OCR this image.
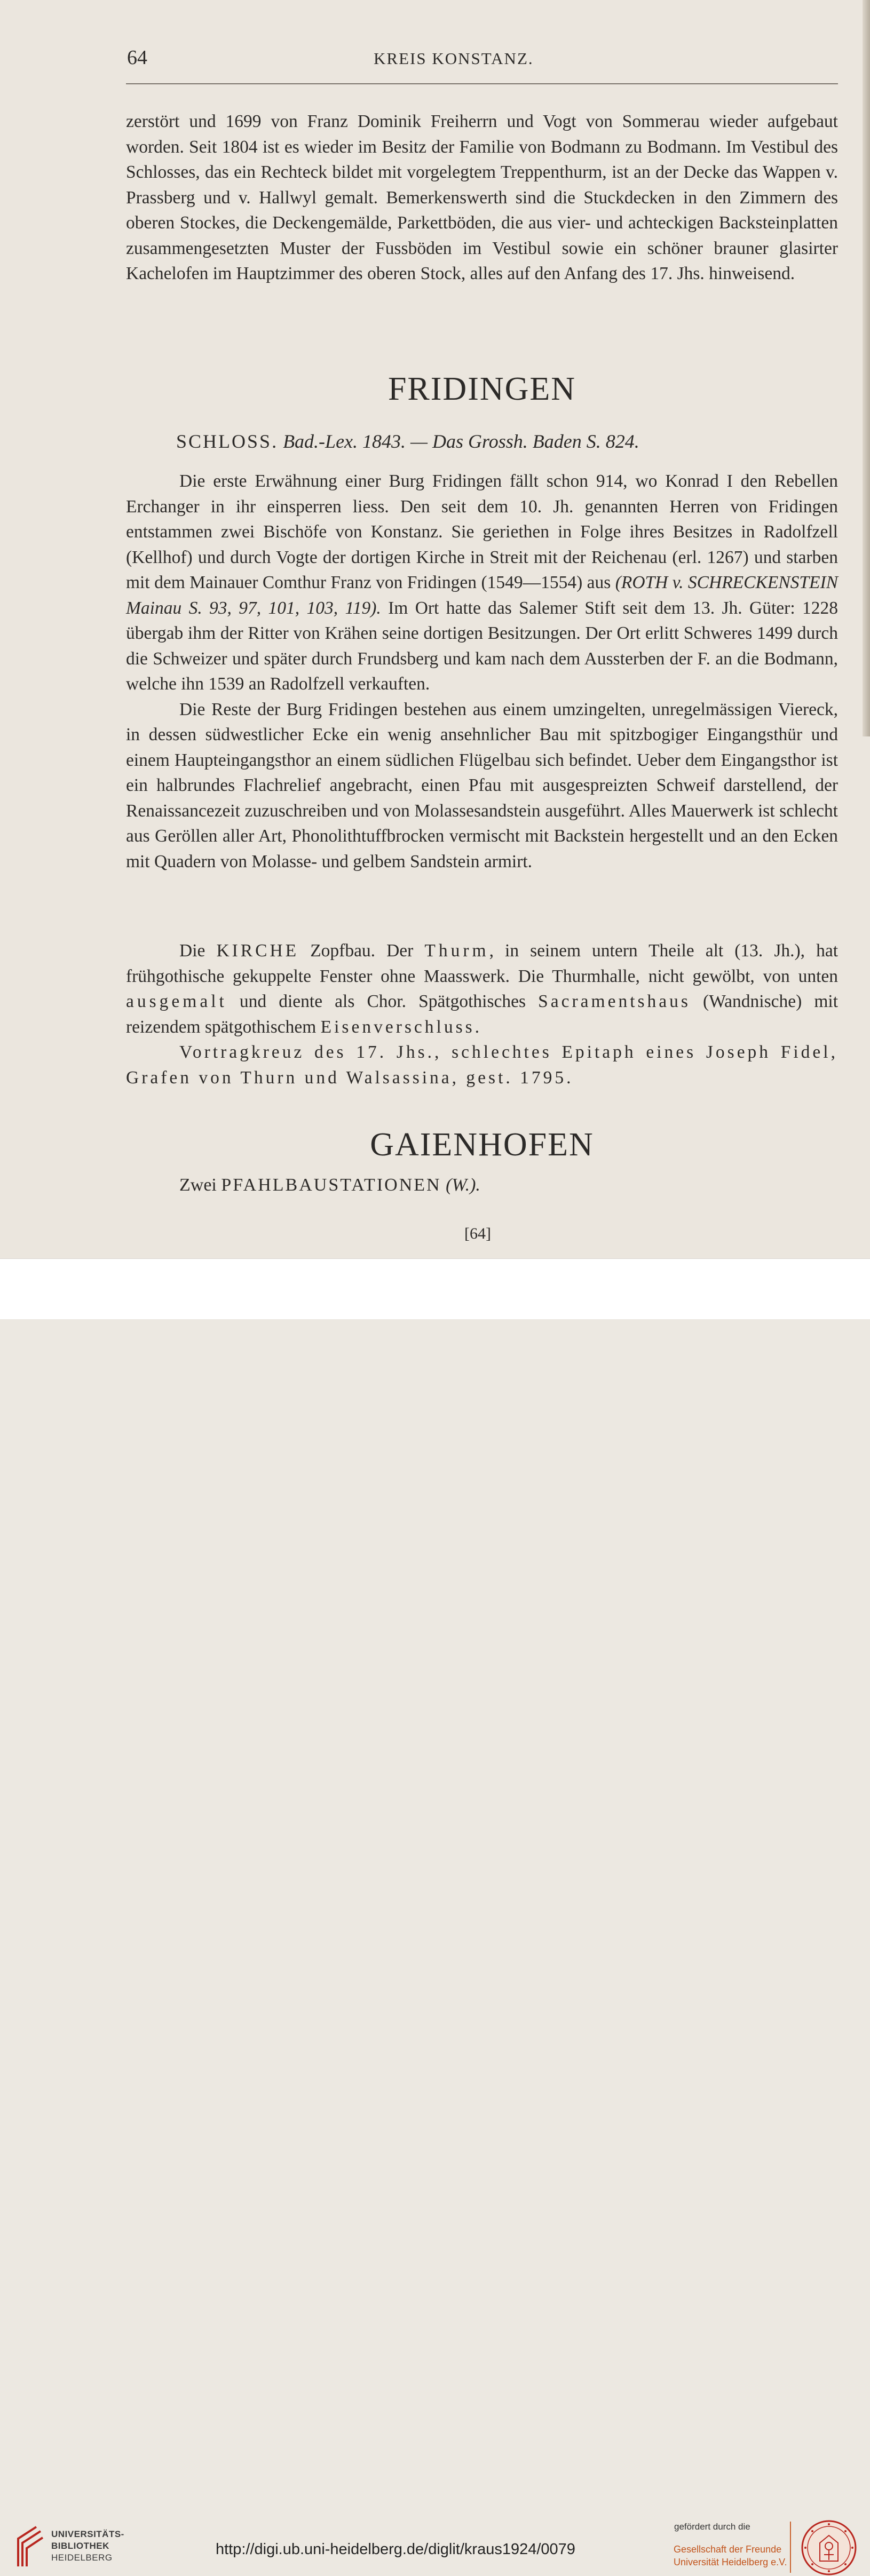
64	KREIS KONSTANZ.

zerstört und 1699 von Franz Dominik Freiherrn und Vogt von Sommerau wieder aufgebaut worden. Seit 1804 ist es wieder im Besitz der Familie von Bodmann zu Bodmann. Im Vestibul des Schlosses, das ein Rechteck bildet mit vorgelegtem Treppenthurm, ist an der Decke das Wappen v. Prassberg und v. Hallwyl gemalt. Bemerkenswerth sind die Stuckdecken in den Zimmern des oberen Stockes, die Deckengemälde, Parkettböden, die aus vier- und achteckigen Backsteinplatten zusammengesetzten Muster der Fussböden im Vestibul sowie ein schöner brauner glasirter Kachelofen im Hauptzimmer des oberen Stock, alles auf den Anfang des 17. Jhs. hinweisend.

FRIDINGEN
SCHLOSS. Bad.-Lex. 1843. — Das Grossh. Baden S. 824.

Die erste Erwähnung einer Burg Fridingen fällt schon 914, wo Konrad I den Rebellen Erchanger in ihr einsperren liess. Den seit dem 10. Jh. genannten Herren von Fridingen entstammen zwei Bischöfe von Konstanz. Sie geriethen in Folge ihres Besitzes in Radolfzell (Kellhof) und durch Vogte der dortigen Kirche in Streit mit der Reichenau (erl. 1267) und starben mit dem Mainauer Comthur Franz von Fridingen (1549—1554) aus (ROTH v. SCHRECKENSTEIN Mainau S. 93, 97, 101, 103, 119). Im Ort hatte das Salemer Stift seit dem 13. Jh. Güter: 1228 übergab ihm der Ritter von Krähen seine dortigen Besitzungen. Der Ort erlitt Schweres 1499 durch die Schweizer und später durch Frundsberg und kam nach dem Aussterben der F. an die Bodmann, welche ihn 1539 an Radolfzell verkauften.

Die Reste der Burg Fridingen bestehen aus einem umzingelten, unregelmässigen Viereck, in dessen südwestlicher Ecke ein wenig ansehnlicher Bau mit spitzbogiger Eingangsthür und einem Haupteingangsthor an einem südlichen Flügelbau sich befindet. Ueber dem Eingangsthor ist ein halbrundes Flachrelief angebracht, einen Pfau mit ausgespreizten Schweif darstellend, der Renaissancezeit zuzuschreiben und von Molassesandstein ausgeführt. Alles Mauerwerk ist schlecht aus Geröllen aller Art, Phonolithtuffbrocken vermischt mit Backstein hergestellt und an den Ecken mit Quadern von Molasse- und gelbem Sandstein armirt.

Die KIRCHE Zopfbau. Der Thurm, in seinem untern Theile alt (13. Jh.), hat frühgothische gekuppelte Fenster ohne Maasswerk. Die Thurmhalle, nicht gewölbt, von unten ausgemalt und diente als Chor. Spätgothisches Sacramentshaus (Wandnische) mit reizendem spätgothischem Eisenverschluss.

Vortragkreuz des 17. Jhs., schlechtes Epitaph eines Joseph Fidel, Grafen von Thurn und Walsassina, gest. 1795.

GAIENHOFEN
Zwei PFAHLBAUSTATIONEN (W.).
[64]
UNIVERSITÄTS-
BIBLIOTHEK
HEIDELBERG	http://digi.ub.uni-heidelberg.de/diglit/kraus1924/0079
gefördert durch die
Gesellschaft der Freunde
Universität Heidelberg e.V.
